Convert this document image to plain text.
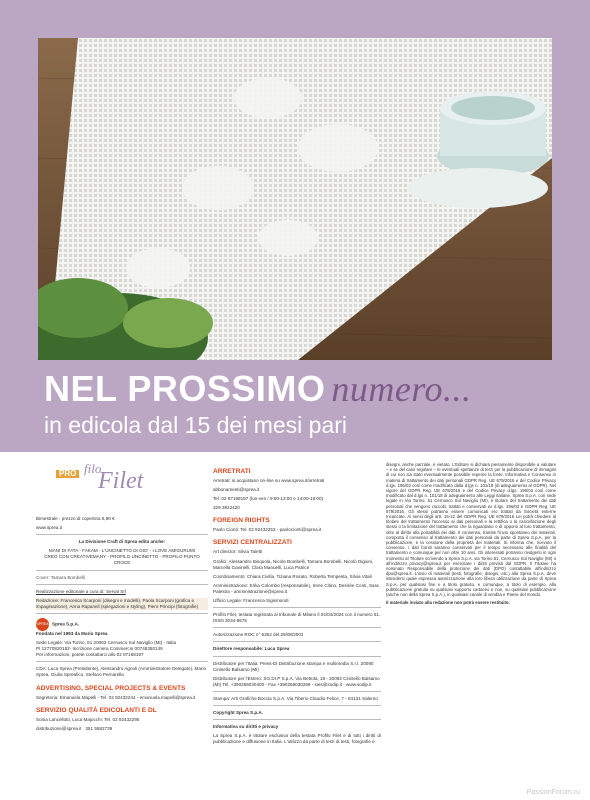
NEL PROSSIMO numero...
in edicola dal 15 dei mesi pari
PRO filo
Filet
Bimestrale - prezzo di copertina 6,90 €
www.sprea.it
La Divisione Craft di Sprea edita anche:
MANI DI FATA - FAKAM - L'UNCINETTO DI GIO' - I LOVE AMIGURUMI
CREO CON CREATIVEMANY - PROFILO UNCINETTO - PROFILO PUNTO CROCE
Cover: Tamara Bombelli
Realizzazione editoriale a cura di: Serval Srl
Redazione: Francesca Scarponi (disegni e modelli), Paola Scarponi (grafica e impaginazione), Anna Rapaneli (spiegazioni e styling), Piero Principi (fotografie)
SPREA Sprea S.p.A.
Fondata nel 1993 da Mario Sprea
Sede Legale: Via Torino, 51 20063 Cernusco Sul Naviglio (MI) - Italia
PI 12770820152- Iscrizione camera Commercio 00746350149
Per informazioni, potete contattarci allo 02 87168197
CDA: Luca Sprea (Presidente), Alessandro Agnoli (Amministratore Delegato), Mario Sprea, Giulia Spreafico, Stefano Pernarella
ADVERTISING, SPECIAL PROJECTS & EVENTS
Segreteria: Emanuela Mapelli - Tel. 02 92432244 - emanuela.mapelli@sprea.it
SERVIZIO QUALITÀ EDICOLANTI E DL
Sonia Lancellotti, Luca Majocchi: Tel. 02 92432295
distribuzione@sprea.it 351 5582739
ARRETRATI
Arretrati: si acquistano on-line su www.sprea.it/arretrati
abbonamenti@sprea.it
Tel. 02 87168197 (lun-ven / 9:00-13:00 e 14:00-18:00)
329 3922420
FOREIGN RIGHTS
Paolo Cionti: Tel. 02 92432253 - paolocionti@sprea.it
SERVIZI CENTRALIZZATI
Art director: Silvia Taietti
Grafici: Alessandro Bisquola, Nicole Bombelli, Tamara Bombelli, Nicolò Digiuni, Marcella Gavinelli, Clara Manuelli, Luca Patrice
Coordinamento: Chiara Civilla, Tiziana Rosato, Roberta Tempesta, Silvia Vitali
Amministrazione: Erika Colombo (responsabile), Irene Citino, Desirée Conti, Sara Palestra - amministrazione@sprea.it
Ufficio Legale: Francesca Sigismondi
Profilo Filet, testata registrata al tribunale di Milano il 04/04/2024 con il numero 51. ISSN 3034-6575
Autorizzazione ROC n° 6352 del 29/08/2001
Direttore responsabile: Luca Sprea
Distributore per l'Italia: Press-Di Distribuzione stampa e multimedia S.r.l. 20090 Cinisello Balsamo (MI)
Distributore per l'Estero: SO.DI.P S.p.A. Via Bettola, 18 - 20092 Cinisello Balsamo (MI) Tel. +390266030400 - Fax +390266030269 - sies@sodip.it - www.sodip.it
Stampa: Arti Grafiche Boccia S.p.A. Via Tiberio Claudio Felice, 7 - 84131 Salerno
Copyright Sprea S.p.A.
Informativa su diritti e privacy
La Sprea S.p.A. è titolare esclusiva della testata Profilo Filet e di tutti i diritti di pubblicazione e diffusione in Italia. L'utilizzo da parte di terzi di testi, fotografie e
disegni, anche parziale, è vietato. L'Editore si dichiara pienamente disponibile a valutare – e se del caso regolare – le eventuali spettanze di terzi per la pubblicazione di immagini di cui non sia stato eventualmente possibile reperire la fonte. Informativa e Consenso in materia di trattamento dei dati personali GDPR Reg. UE 679/2016 e del Codice Privacy d.lgs. 196/03 così come modificato dalla d.lgs n. 101/18 (di adeguamento al GDPR). Nel vigore del GDPR Reg. UE 679/2016 e del Codice Privacy d.lgs. 196/03 così come modificato dal d.lgs n. 101/18 di adeguamento alle Leggi italiane. Sprea S.p.A. con sede legale in Via Torino, 51 Cernusco Sul Naviglio (MI), è titolare del trattamento dei dati personali che vengono raccolti, trattati e conservati ex d.lgs. 196/03 e GDPR Reg. UE 679/2016. Gli stessi potranno essere comunicati e/o trattati da Società esterne Incaricate. Ai sensi degli artt. 15-22 del GDPR Reg. UE 679/2016 Lei potrà chiedere al titolare del trattamento l'accesso ai dati personali e la rettifica o la cancellazione degli stessi o la limitazione del trattamento che la riguardano o di opporsi al loro trattamento, oltre al diritto alla portabilità dei dati. Il consenso, tramite l'invio spontaneo dei materiali, comporta il consenso al trattamento dei dati personali da parte di Sprea S.p.A. per la pubblicazione, e la cessione della proprietà dei materiali. Si informa che, ricevuto il consenso, i dati forniti saranno conservati per il tempo necessario alle finalità del trattamento e comunque per non oltre 10 anni. Gli interessati potranno rivolgersi in ogni momento al Titolare scrivendo a Sprea S.p.A. via Torino 51, Cernusco Sul Naviglio (MI) o all'indirizzo privacy@sprea.it per esercitare i diritti previsti dal GDPR. Il Titolare ha nominato Responsabile della protezione dei dati (DPO) contattabile all'indirizzo dpo@sprea.it. L'invio di materiali (testi, fotografie, disegni, etc.) alla Sprea S.p.A. deve intendersi quale espressa autorizzazione alla loro libera utilizzazione da parte di Sprea S.p.A. per qualsiasi fine e a titolo gratuito, e comunque, a titolo di esempio, alla pubblicazione gratuita su qualsiasi supporto cartaceo e non, su qualsiasi pubblicazione (anche non della Sprea S.p.A.), in qualsiasi canale di vendita e Paese del mondo.
Il materiale inviato alla redazione non potrà essere restituito.
PassionForum.ru
